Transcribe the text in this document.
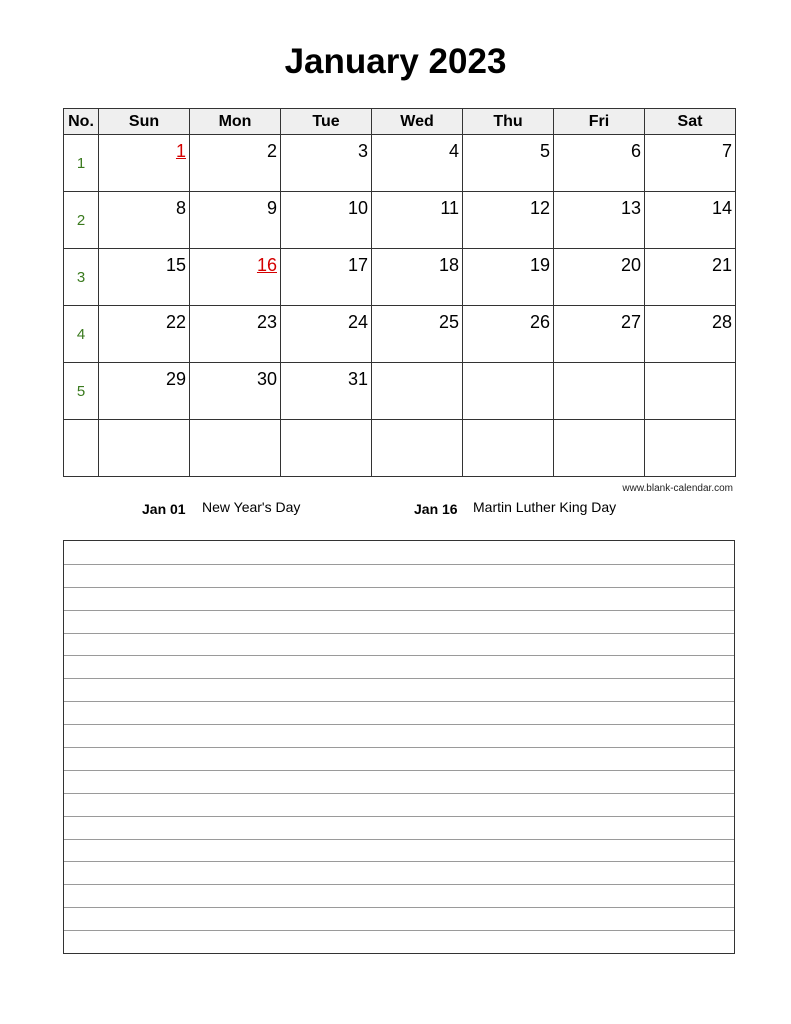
January 2023
No.	Sun	Mon	Tue	Wed	Thu	Fri	Sat
1	1	2	3	4	5	6	7

2	8	9	10	11	12	13	14

3	15	16	17	18	19	20	21

4	22	23	24	25	26	27	28

5	29	30	31				

www.blank-calendar.com
Jan 01 New Year's Day	Jan 16 Martin Luther King Day
